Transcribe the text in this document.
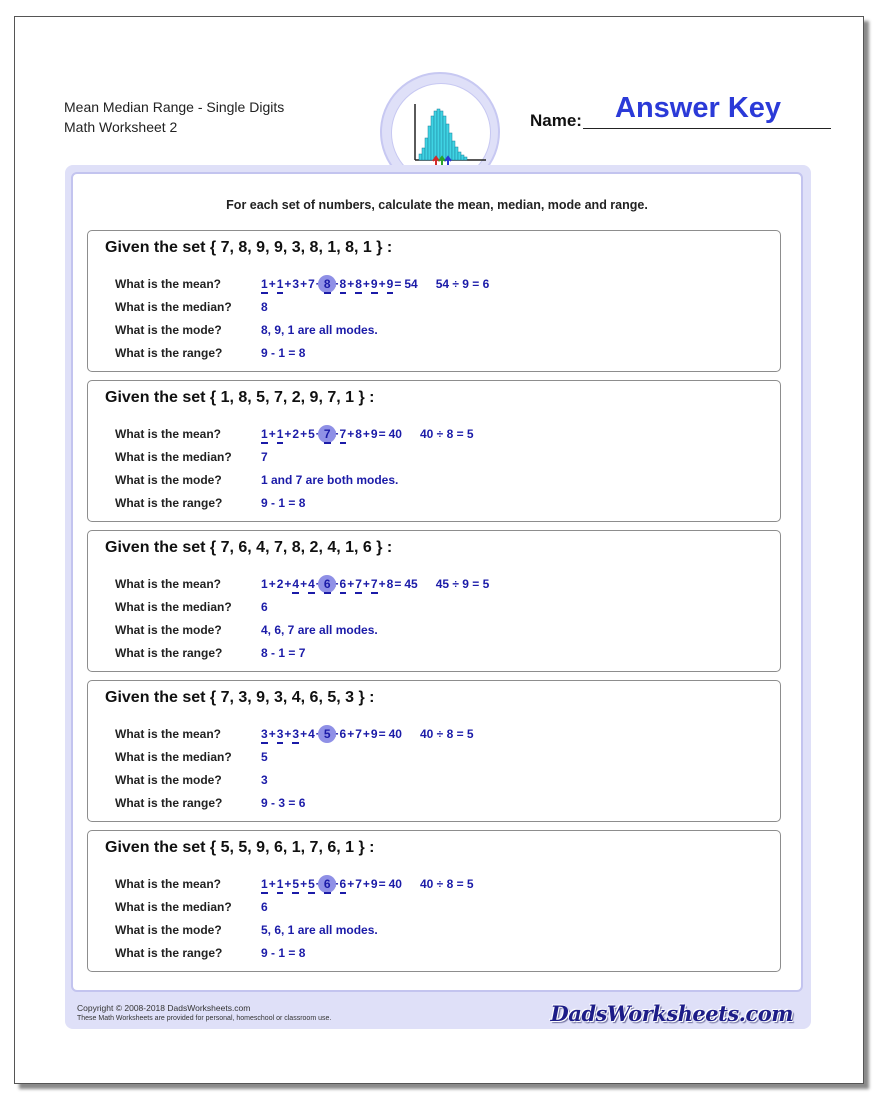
Mean Median Range - Single Digits
Math Worksheet 2
Answer Key
Name:
For each set of numbers, calculate the mean, median, mode and range.
Given the set { 7, 8, 9, 9, 3, 8, 1, 8, 1 } :
What is the mean?	1 + 1 + 3 + 7 + 8 + 8 + 8 + 9 + 9 = 54 54 ÷ 9 = 6
What is the median?	8
What is the mode?	8, 9, 1 are all modes.
What is the range?	9 - 1 = 8
Given the set { 1, 8, 5, 7, 2, 9, 7, 1 } :
What is the mean?	1 + 1 + 2 + 5 + 7 + 7 + 8 + 9 = 40 40 ÷ 8 = 5
What is the median?	7
What is the mode?	1 and 7 are both modes.
What is the range?	9 - 1 = 8
Given the set { 7, 6, 4, 7, 8, 2, 4, 1, 6 } :
What is the mean?	1 + 2 + 4 + 4 + 6 + 6 + 7 + 7 + 8 = 45 45 ÷ 9 = 5
What is the median?	6
What is the mode?	4, 6, 7 are all modes.
What is the range?	8 - 1 = 7
Given the set { 7, 3, 9, 3, 4, 6, 5, 3 } :
What is the mean?	3 + 3 + 3 + 4 + 5 + 6 + 7 + 9 = 40 40 ÷ 8 = 5
What is the median?	5
What is the mode?	3
What is the range?	9 - 3 = 6
Given the set { 5, 5, 9, 6, 1, 7, 6, 1 } :
What is the mean?	1 + 1 + 5 + 5 + 6 + 6 + 7 + 9 = 40 40 ÷ 8 = 5
What is the median?	6
What is the mode?	5, 6, 1 are all modes.
What is the range?	9 - 1 = 8
Copyright © 2008-2018 DadsWorksheets.com
These Math Worksheets are provided for personal, homeschool or classroom use.	DadsWorksheets.com
